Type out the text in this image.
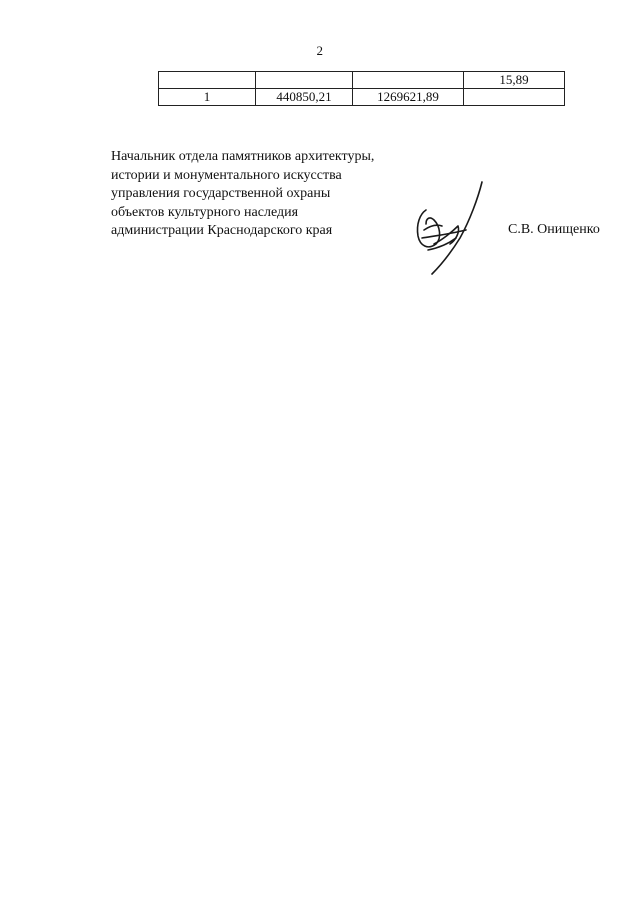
2
			15,89
1	440850,21	1269621,89	
Начальник отдела памятников архитектуры,
истории и монументального искусства
управления государственной охраны
объектов культурного наследия
администрации Краснодарского края	С.В. Онищенко
